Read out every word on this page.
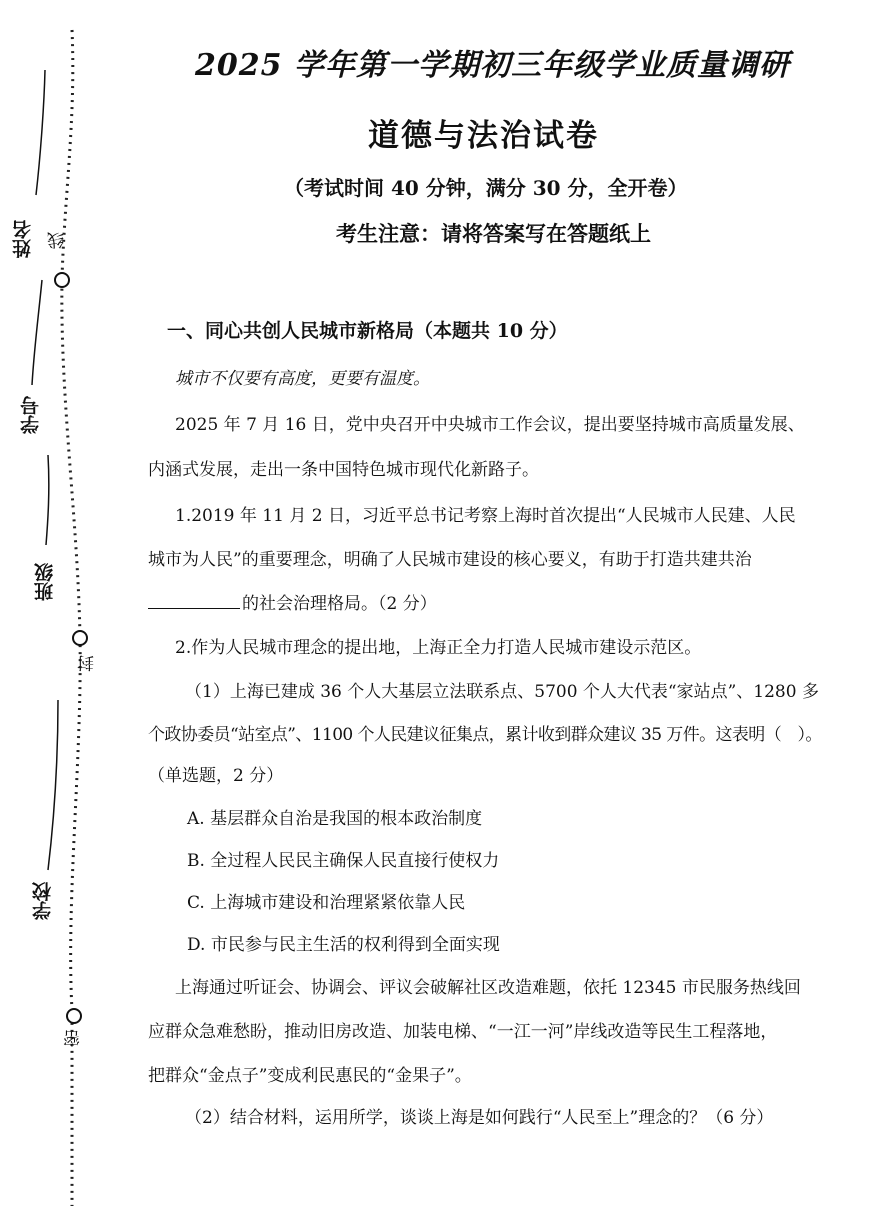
姓名
学号
班级
学校
线
封
密
2025 学年第一学期初三年级学业质量调研
道德与法治试卷
（考试时间 40 分钟，满分 30 分，全开卷）
考生注意：请将答案写在答题纸上
一、同心共创人民城市新格局（本题共 10 分）
城市不仅要有高度，更要有温度。
2025 年 7 月 16 日，党中央召开中央城市工作会议，提出要坚持城市高质量发展、
内涵式发展，走出一条中国特色城市现代化新路子。
1.2019 年 11 月 2 日，习近平总书记考察上海时首次提出“人民城市人民建、人民
城市为人民”的重要理念，明确了人民城市建设的核心要义，有助于打造共建共治
的社会治理格局。（2 分）
2.作为人民城市理念的提出地，上海正全力打造人民城市建设示范区。
（1）上海已建成 36 个人大基层立法联系点、5700 个人大代表“家站点”、1280 多
个政协委员“站室点”、1100 个人民建议征集点，累计收到群众建议 35 万件。这表明（　）。
（单选题，2 分）
A. 基层群众自治是我国的根本政治制度
B. 全过程人民民主确保人民直接行使权力
C. 上海城市建设和治理紧紧依靠人民
D. 市民参与民主生活的权利得到全面实现
上海通过听证会、协调会、评议会破解社区改造难题，依托 12345 市民服务热线回
应群众急难愁盼，推动旧房改造、加装电梯、“一江一河”岸线改造等民生工程落地，
把群众“金点子”变成利民惠民的“金果子”。
（2）结合材料，运用所学，谈谈上海是如何践行“人民至上”理念的？（6 分）
